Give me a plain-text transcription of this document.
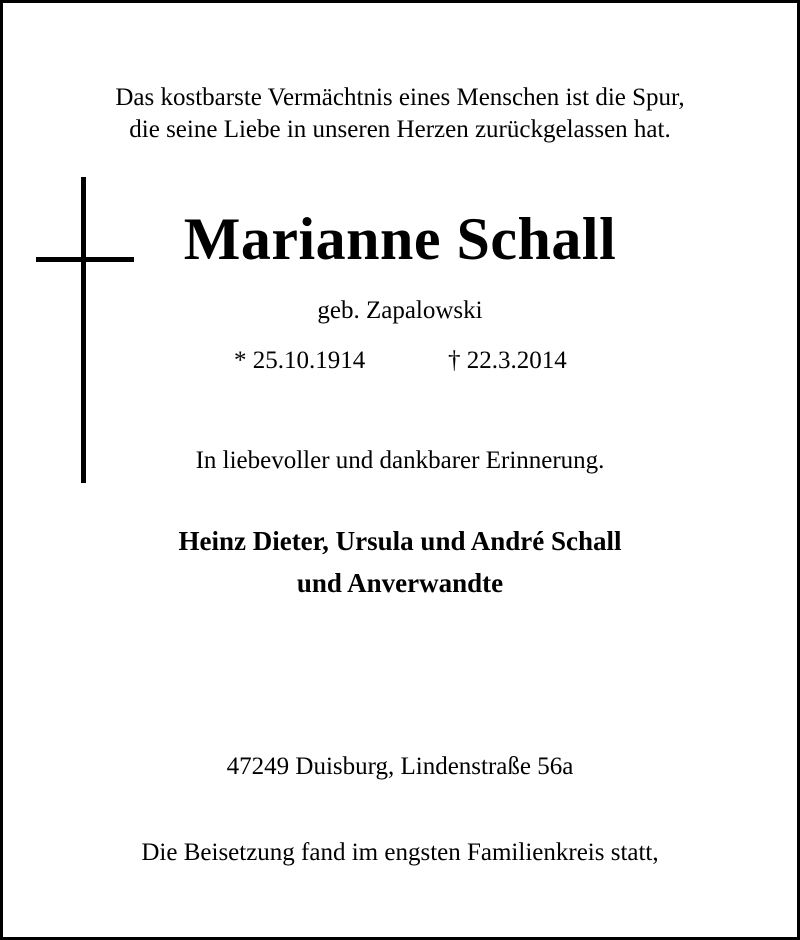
Das kostbarste Vermächtnis eines Menschen ist die Spur,
die seine Liebe in unseren Herzen zurückgelassen hat.
Marianne Schall
geb. Zapalowski
* 25.10.1914	† 22.3.2014
In liebevoller und dankbarer Erinnerung.
Heinz Dieter, Ursula und André Schall
und Anverwandte
47249 Duisburg, Lindenstraße 56a
Die Beisetzung fand im engsten Familienkreis statt,
